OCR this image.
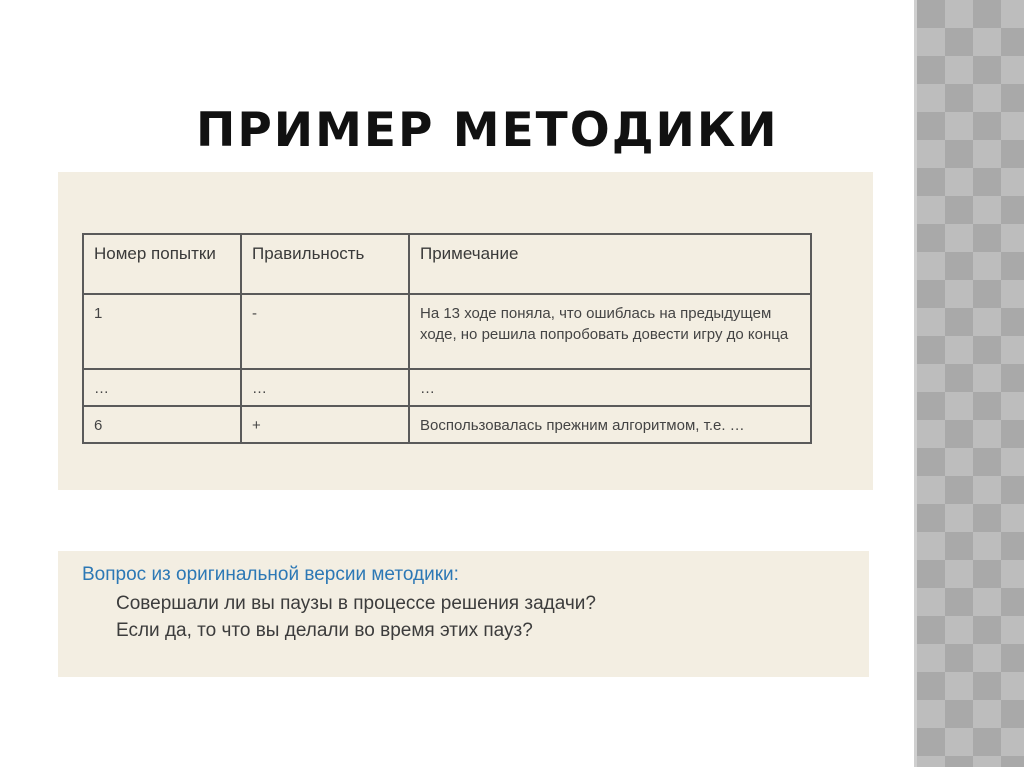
ПРИМЕР МЕТОДИКИ
Номер попытки	Правильность	Примечание
1	-	На 13 ходе поняла, что ошиблась на предыдущем ходе, но решила попробовать довести игру до конца
…	…	…
6	+	Воспользовалась прежним алгоритмом, т.е. …
Вопрос из оригинальной версии методики:
Совершали ли вы паузы в процессе решения задачи?
Если да, то что вы делали во время этих пауз?
